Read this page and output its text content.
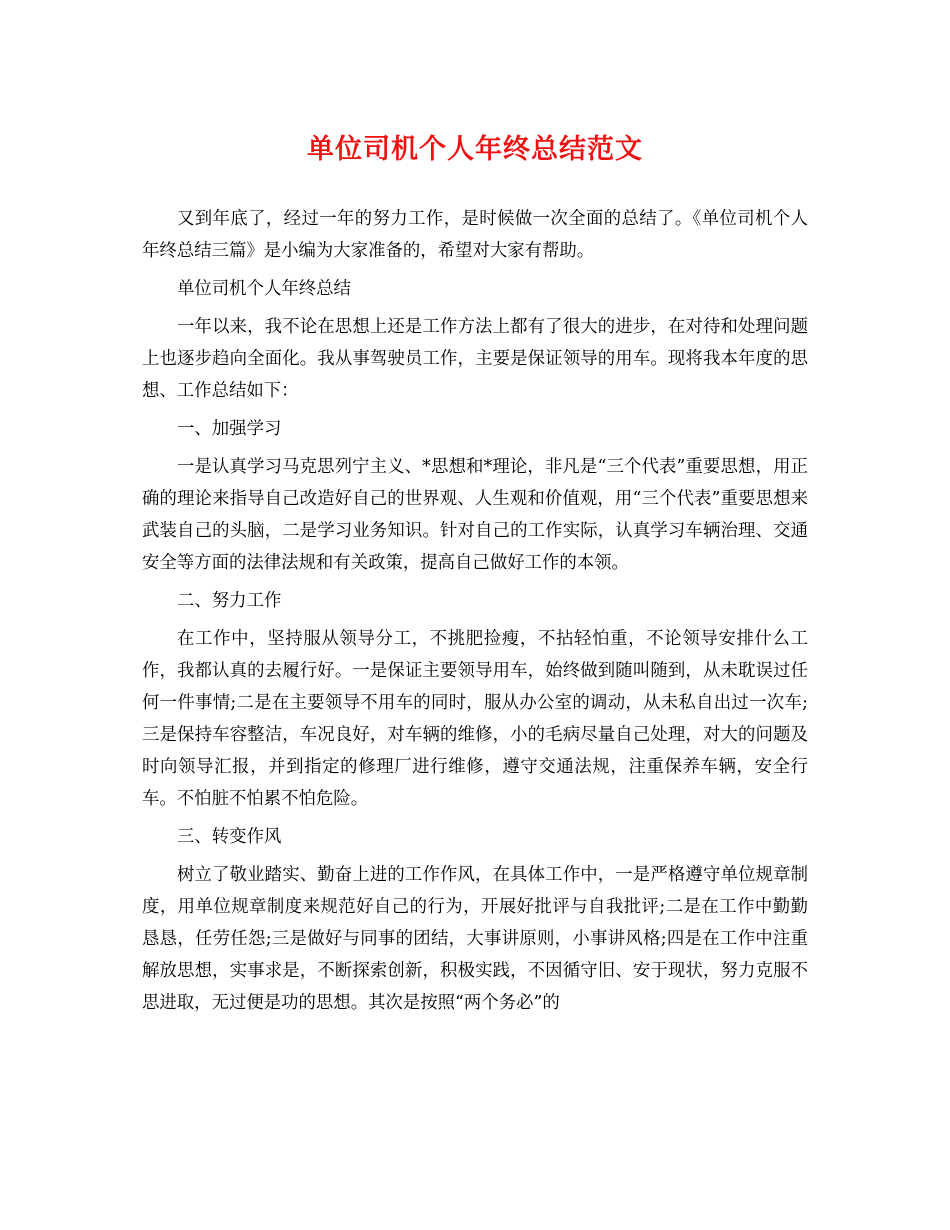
单位司机个人年终总结范文

又到年底了，经过一年的努力工作，是时候做一次全面的总结了。《单位司机个人年终总结三篇》是小编为大家准备的，希望对大家有帮助。

单位司机个人年终总结

一年以来，我不论在思想上还是工作方法上都有了很大的进步，在对待和处理问题上也逐步趋向全面化。我从事驾驶员工作，主要是保证领导的用车。现将我本年度的思想、工作总结如下：

一、加强学习

一是认真学习马克思列宁主义、*思想和*理论，非凡是“三个代表”重要思想，用正确的理论来指导自己改造好自己的世界观、人生观和价值观，用“三个代表”重要思想来武装自己的头脑，二是学习业务知识。针对自己的工作实际，认真学习车辆治理、交通安全等方面的法律法规和有关政策，提高自己做好工作的本领。

二、努力工作

在工作中，坚持服从领导分工，不挑肥捡瘦，不拈轻怕重，不论领导安排什么工作，我都认真的去履行好。一是保证主要领导用车，始终做到随叫随到，从未耽误过任何一件事情;二是在主要领导不用车的同时，服从办公室的调动，从未私自出过一次车;三是保持车容整洁，车况良好，对车辆的维修，小的毛病尽量自己处理，对大的问题及时向领导汇报，并到指定的修理厂进行维修，遵守交通法规，注重保养车辆，安全行车。不怕脏不怕累不怕危险。

三、转变作风

树立了敬业踏实、勤奋上进的工作作风，在具体工作中，一是严格遵守单位规章制度，用单位规章制度来规范好自己的行为，开展好批评与自我批评;二是在工作中勤勤恳恳，任劳任怨;三是做好与同事的团结，大事讲原则，小事讲风格;四是在工作中注重解放思想，实事求是，不断探索创新，积极实践，不因循守旧、安于现状，努力克服不思进取，无过便是功的思想。其次是按照“两个务必”的
